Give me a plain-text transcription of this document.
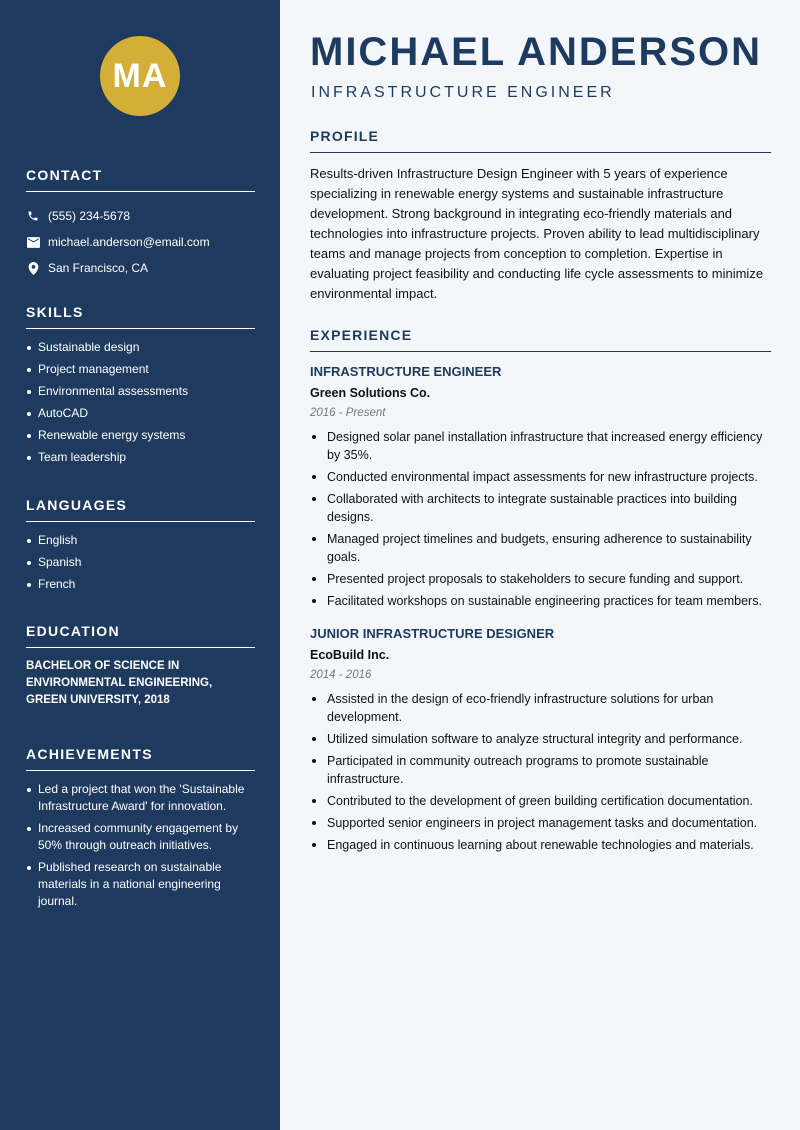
MA
CONTACT
(555) 234-5678
michael.anderson@email.com
San Francisco, CA
SKILLS
Sustainable design
Project management
Environmental assessments
AutoCAD
Renewable energy systems
Team leadership
LANGUAGES
English
Spanish
French
EDUCATION
BACHELOR OF SCIENCE IN ENVIRONMENTAL ENGINEERING, GREEN UNIVERSITY, 2018
ACHIEVEMENTS
Led a project that won the 'Sustainable Infrastructure Award' for innovation.
Increased community engagement by 50% through outreach initiatives.
Published research on sustainable materials in a national engineering journal.
MICHAEL ANDERSON
INFRASTRUCTURE ENGINEER
PROFILE

Results-driven Infrastructure Design Engineer with 5 years of experience specializing in renewable energy systems and sustainable infrastructure development. Strong background in integrating eco-friendly materials and technologies into infrastructure projects. Proven ability to lead multidisciplinary teams and manage projects from conception to completion. Expertise in evaluating project feasibility and conducting life cycle assessments to minimize environmental impact.

EXPERIENCE
INFRASTRUCTURE ENGINEER
Green Solutions Co.
2016 - Present
Designed solar panel installation infrastructure that increased energy efficiency by 35%.
Conducted environmental impact assessments for new infrastructure projects.
Collaborated with architects to integrate sustainable practices into building designs.
Managed project timelines and budgets, ensuring adherence to sustainability goals.
Presented project proposals to stakeholders to secure funding and support.
Facilitated workshops on sustainable engineering practices for team members.
JUNIOR INFRASTRUCTURE DESIGNER
EcoBuild Inc.
2014 - 2016
Assisted in the design of eco-friendly infrastructure solutions for urban development.
Utilized simulation software to analyze structural integrity and performance.
Participated in community outreach programs to promote sustainable infrastructure.
Contributed to the development of green building certification documentation.
Supported senior engineers in project management tasks and documentation.
Engaged in continuous learning about renewable technologies and materials.
